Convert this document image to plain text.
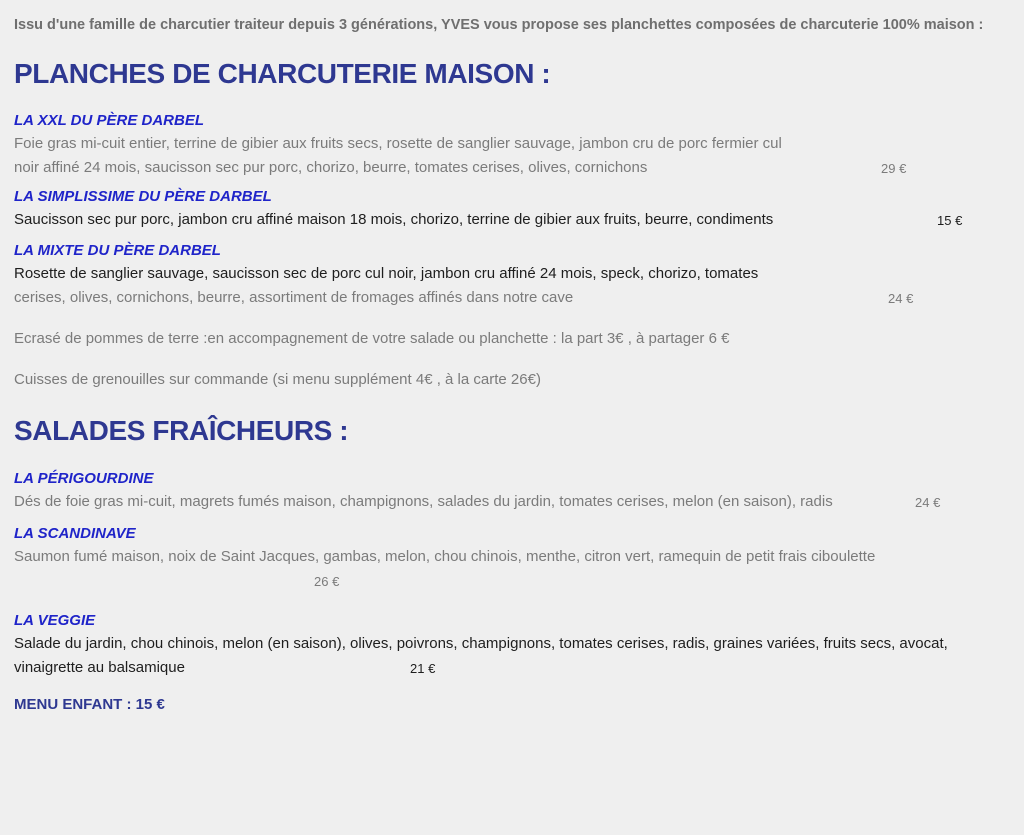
Issu d'une famille de charcutier traiteur depuis 3 générations, YVES vous propose ses planchettes composées de charcuterie 100% maison :

PLANCHES DE CHARCUTERIE MAISON :

LA XXL DU PÈRE DARBEL

Foie gras mi-cuit entier, terrine de gibier aux fruits secs, rosette de sanglier sauvage, jambon cru de porc fermier cul

noir affiné 24 mois, saucisson sec pur porc, chorizo, beurre, tomates cerises, olives, cornichons	29 €

LA SIMPLISSIME DU PÈRE DARBEL

Saucisson sec pur porc, jambon cru affiné maison 18 mois, chorizo, terrine de gibier aux fruits, beurre, condiments	15 €

LA MIXTE DU PÈRE DARBEL

Rosette de sanglier sauvage, saucisson sec de porc cul noir, jambon cru affiné 24 mois, speck, chorizo, tomates

cerises, olives, cornichons, beurre, assortiment de fromages affinés dans notre cave	24 €

Ecrasé de pommes de terre :en accompagnement de votre salade ou planchette : la part 3€ , à partager 6 €

Cuisses de grenouilles sur commande (si menu supplément 4€ , à la carte 26€)

SALADES FRAÎCHEURS :

LA PÉRIGOURDINE

Dés de foie gras mi-cuit, magrets fumés maison, champignons, salades du jardin, tomates cerises, melon (en saison), radis	24 €

LA SCANDINAVE

Saumon fumé maison, noix de Saint Jacques, gambas, melon, chou chinois, menthe, citron vert, ramequin de petit frais ciboulette

26 €

LA VEGGIE

Salade du jardin, chou chinois, melon (en saison), olives, poivrons, champignons, tomates cerises, radis, graines variées, fruits secs, avocat,

vinaigrette au balsamique	21 €

MENU ENFANT : 15 €
